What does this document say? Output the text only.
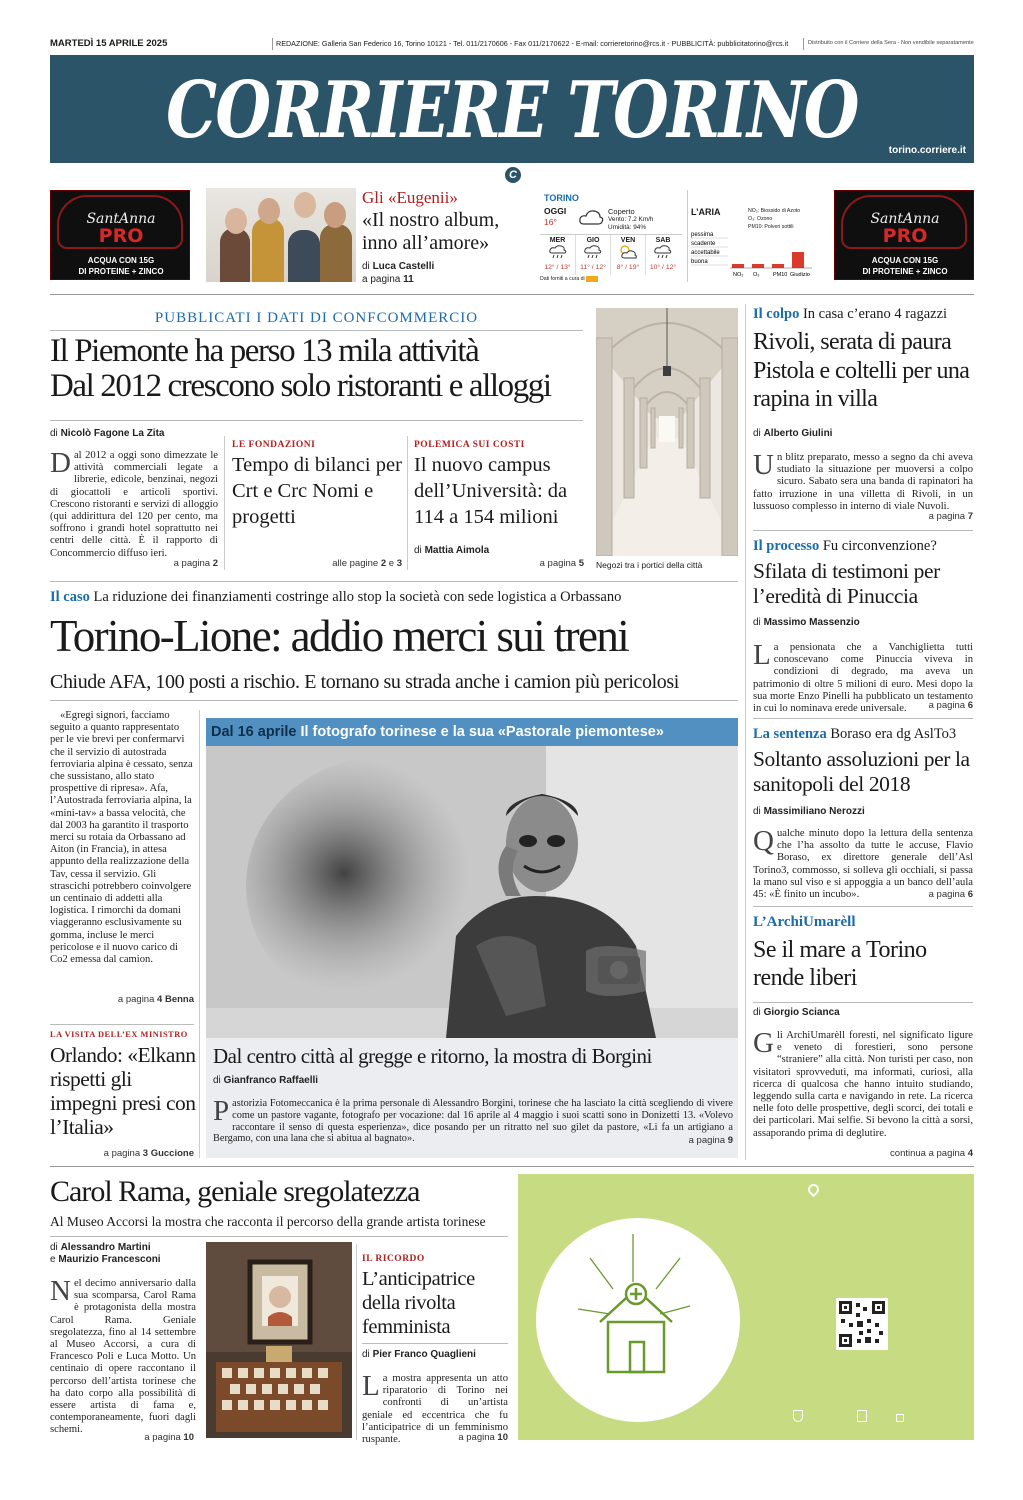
MARTEDÌ 15 APRILE 2025	REDAZIONE: Galleria San Federico 16, Torino 10121 - Tel. 011/2170606 - Fax 011/2170622 - E-mail: corrieretorino@rcs.it - PUBBLICITÀ: pubblicitatorino@rcs.it	Distribuito con il Corriere della Sera - Non vendibile separatamente
CORRIERE TORINO	torino.corriere.it
C
SantAnna
PRO
ACQUA CON 15G
DI PROTEINE + ZINCO
SantAnna
PRO
ACQUA CON 15G
DI PROTEINE + ZINCO
Gli «Eugenii»
«Il nostro album, inno all’amore»
di Luca Castelli
a pagina 11
TORINO
OGGI
16°
Coperto
Vento: 7.2 Km/h
Umidità: 94%
MER
12° / 13°
GIO
11° / 12°
VEN
8° / 19°
SAB
10° / 12°
Dati forniti a cura di
L’ARIA	NO₂: Biossido di Azoto
O₃: Ozono
PM10: Polveri sottili
pessima
scadente
accettabile
buona
NO₂ O₃ PM10 Giudizio
PUBBLICATI I DATI DI CONFCOMMERCIO
Il Piemonte ha perso 13 mila attività
Dal 2012 crescono solo ristoranti e alloggi
di Nicolò Fagone La Zita
Dal 2012 a oggi sono dimezzate le attività commerciali legate a librerie, edicole, benzinai, negozi di giocattoli e articoli sportivi. Crescono ristoranti e servizi di alloggio (qui addirittura del 120 per cento, ma soffrono i grandi hotel soprattutto nei centri delle città. È il rapporto di Concommercio diffuso ieri.
a pagina 2
LE FONDAZIONI
Tempo di bilanci per Crt e Crc Nomi e progetti
alle pagine 2 e 3
POLEMICA SUI COSTI
Il nuovo campus dell’Università: da 114 a 154 milioni
di Mattia Aimola
a pagina 5 Negozi tra i portici della città
Il colpo In casa c’erano 4 ragazzi
Rivoli, serata di paura Pistola e coltelli per una rapina in villa
di Alberto Giulini
Un blitz preparato, messo a segno da chi aveva studiato la situazione per muoversi a colpo sicuro. Sabato sera una banda di rapinatori ha fatto irruzione in una villetta di Rivoli, in un lussuoso complesso in interno di viale Nuvoli.
a pagina 7
Il processo Fu circonvenzione?
Sfilata di testimoni per l’eredità di Pinuccia
di Massimo Massenzio
La pensionata che a Vanchiglietta tutti conoscevano come Pinuccia viveva in condizioni di degrado, ma aveva un patrimonio di oltre 5 milioni di euro. Mesi dopo la sua morte Enzo Pinelli ha pubblicato un testamento in cui lo nominava erede universale.	a pagina 6
La sentenza Boraso era dg AslTo3
Soltanto assoluzioni per la sanitopoli del 2018
di Massimiliano Nerozzi
Qualche minuto dopo la lettura della sentenza che l’ha assolto da tutte le accuse, Flavio Boraso, ex direttore generale dell’Asl Torino3, commosso, si solleva gli occhiali, si passa la mano sul viso e si appoggia a un banco dell’aula 45: «È finito un incubo».	a pagina 6
L’ArchiUmarèll
Se il mare a Torino rende liberi
di Giorgio Scianca
Gli ArchiUmarèll foresti, nel significato ligure e veneto di forestieri, sono persone “straniere” alla città. Non turisti per caso, non visitatori sprovveduti, ma informati, curiosi, alla ricerca di qualcosa che hanno intuito studiando, leggendo sulla carta e navigando in rete. La ricerca nelle foto delle prospettive, degli scorci, dei totali e dei particolari. Mai selfie. Si bevono la città a sorsi, assaporando prima di deglutire.
continua a pagina 4
Il caso La riduzione dei finanziamenti costringe allo stop la società con sede logistica a Orbassano
Torino-Lione: addio merci sui treni
Chiude AFA, 100 posti a rischio. E tornano su strada anche i camion più pericolosi
«Egregi signori, facciamo seguito a quanto rappresentato per le vie brevi per confermarvi che il servizio di autostrada ferroviaria alpina è cessato, senza che sussistano, allo stato prospettive di ripresa». Afa, l’Autostrada ferroviaria alpina, la «mini-tav» a bassa velocità, che dal 2003 ha garantito il trasporto merci su rotaia da Orbassano ad Aiton (in Francia), in attesa appunto della realizzazione della Tav, cessa il servizio. Gli strascichi potrebbero coinvolgere un centinaio di addetti alla logistica. I rimorchi da domani viaggeranno esclusivamente su gomma, incluse le merci pericolose e il nuovo carico di Co2 emessa dal camion.
a pagina 4 Benna
LA VISITA DELL’EX MINISTRO
Orlando: «Elkann rispetti gli impegni presi con l’Italia»
a pagina 3 Guccione
Dal 16 aprile Il fotografo torinese e la sua «Pastorale piemontese»
Dal centro città al gregge e ritorno, la mostra di Borgini
di Gianfranco Raffaelli
Pastorizia Fotomeccanica è la prima personale di Alessandro Borgini, torinese che ha lasciato la città scegliendo di vivere come un pastore vagante, fotografo per vocazione: dal 16 aprile al 4 maggio i suoi scatti sono in Donizetti 13. «Volevo raccontare il senso di questa esperienza», dice posando per un ritratto nel suo gilet da pastore, «Li fa un artigiano a Bergamo, con una lana che si abitua al bagnato».	a pagina 9
Carol Rama, geniale sregolatezza
Al Museo Accorsi la mostra che racconta il percorso della grande artista torinese
di Alessandro Martini
e Maurizio Francesconi
Nel decimo anniversario dalla sua scomparsa, Carol Rama è protagonista della mostra Carol Rama. Geniale sregolatezza, fino al 14 settembre al Museo Accorsi, a cura di Francesco Poli e Luca Motto. Un centinaio di opere raccontano il percorso dell’artista torinese che ha dato corpo alla possibilità di essere artista di fama e, contemporaneamente, fuori dagli schemi.
a pagina 10
IL RICORDO
L’anticipatrice della rivolta femminista
di Pier Franco Quaglieni
La mostra appresenta un atto riparatorio di Torino nei confronti di un’artista geniale ed eccentrica che fu l’anticipatrice di un femminismo ruspante.	a pagina 10
